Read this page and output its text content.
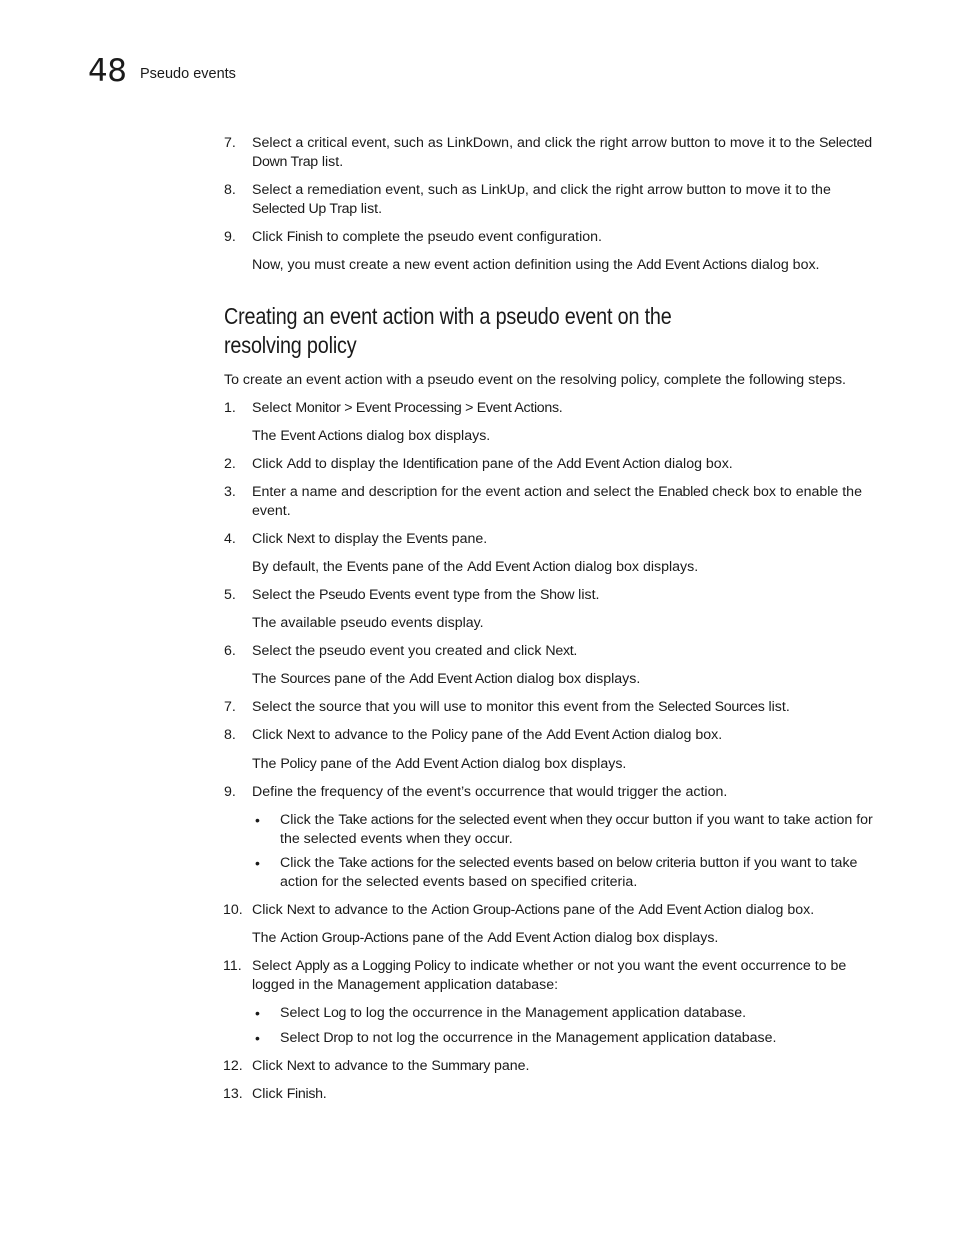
48 Pseudo events
7.	Select a critical event, such as LinkDown, and click the right arrow button to move it to the Selected Down Trap list.
8.	Select a remediation event, such as LinkUp, and click the right arrow button to move it to the Selected Up Trap list.
9.	Click Finish to complete the pseudo event configuration.
Now, you must create a new event action definition using the Add Event Actions dialog box.
Creating an event action with a pseudo event on the
resolving policy
To create an event action with a pseudo event on the resolving policy, complete the following steps.
1.	Select Monitor > Event Processing > Event Actions.
The Event Actions dialog box displays.
2.	Click Add to display the Identification pane of the Add Event Action dialog box.
3.	Enter a name and description for the event action and select the Enabled check box to enable the event.
4.	Click Next to display the Events pane.
By default, the Events pane of the Add Event Action dialog box displays.
5.	Select the Pseudo Events event type from the Show list.
The available pseudo events display.
6.	Select the pseudo event you created and click Next.
The Sources pane of the Add Event Action dialog box displays.
7.	Select the source that you will use to monitor this event from the Selected Sources list.
8.	Click Next to advance to the Policy pane of the Add Event Action dialog box.
The Policy pane of the Add Event Action dialog box displays.
9.	Define the frequency of the event’s occurrence that would trigger the action.
• Click the Take actions for the selected event when they occur button if you want to take action for the selected events when they occur.
• Click the Take actions for the selected events based on below criteria button if you want to take action for the selected events based on specified criteria.
10. Click Next to advance to the Action Group-Actions pane of the Add Event Action dialog box.
The Action Group-Actions pane of the Add Event Action dialog box displays.
11. Select Apply as a Logging Policy to indicate whether or not you want the event occurrence to be logged in the Management application database:
• Select Log to log the occurrence in the Management application database.
• Select Drop to not log the occurrence in the Management application database.
12. Click Next to advance to the Summary pane.
13. Click Finish.
